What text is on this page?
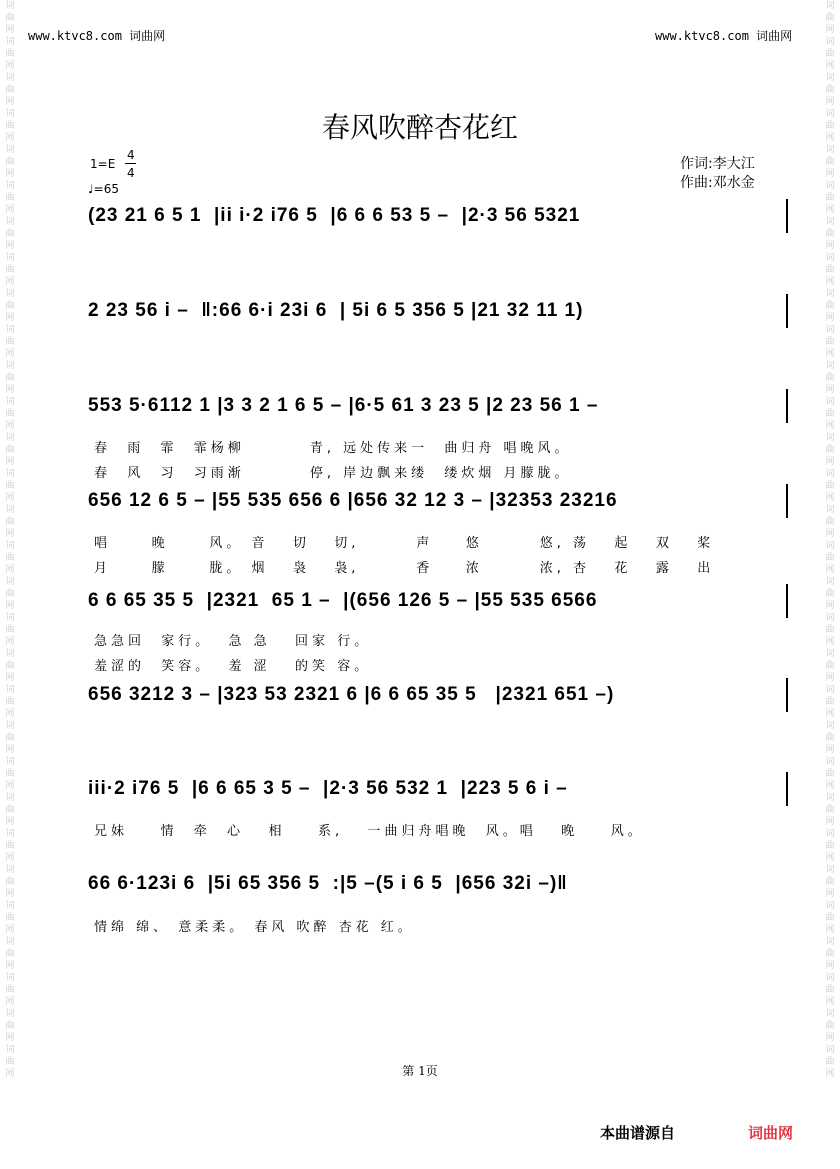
词曲网词曲网词曲网词曲网词曲网词曲网词曲网词曲网词曲网词曲网词曲网词曲网词曲网词曲网词曲网词曲网词曲网词曲网词曲网词曲网词曲网词曲网词曲网词曲网词曲网词曲网词曲网词曲网词曲网词曲网
词曲网词曲网词曲网词曲网词曲网词曲网词曲网词曲网词曲网词曲网词曲网词曲网词曲网词曲网词曲网词曲网词曲网词曲网词曲网词曲网词曲网词曲网词曲网词曲网词曲网词曲网词曲网词曲网词曲网词曲网
www.ktvc8.com 词曲网	www.ktvc8.com 词曲网
春风吹醉杏花红
1=E
4
4
♩=65
作词:李大江
作曲:邓水金
(23 21 6 5 1  |ii i·2 i76 5  |6 6 6 53 5 –  |2·3 56 5321
2 23 56 i –  ‖:66 6·i 23i 6  | 5i 6 5 356 5 |21 32 11 1)
553 5·6112 1 |3 3 2 1 6 5 – |6·5 61 3 23 5 |2 23 56 1 –
春  雨  霏  霏杨柳        青, 远处传来一  曲归舟 唱晚风。
春  风  习  习雨渐        停, 岸边飘来缕  缕炊烟 月朦胧。
656 12 6 5 – |55 535 656 6 |656 32 12 3 – |32353 23216
唱     晚     风。 音   切   切,       声    悠       悠, 荡   起   双   桨
月     朦     胧。 烟   袅   袅,       香    浓       浓, 杏   花   露   出
6 6 65 35 5  |2321  65 1 –  |(656 126 5 – |55 535 6566
急急回  家行。  急 急   回家 行。
羞涩的  笑容。  羞 涩   的笑 容。
656 3212 3 – |323 53 2321 6 |6 6 65 35 5   |2321 651 –)
iii·2 i76 5  |6 6 65 3 5 –  |2·3 56 532 1  |223 5 6 i –
兄妹    情  牵  心   相    系,   一曲归舟唱晚  风。唱   晚    风。
66 6·123i 6  |5i 65 356 5  :|5 –(5 i 6 5  |656 32i –)‖
情绵 绵、 意柔柔。 春风 吹醉 杏花 红。
第 1页
本曲谱源自	词曲网
